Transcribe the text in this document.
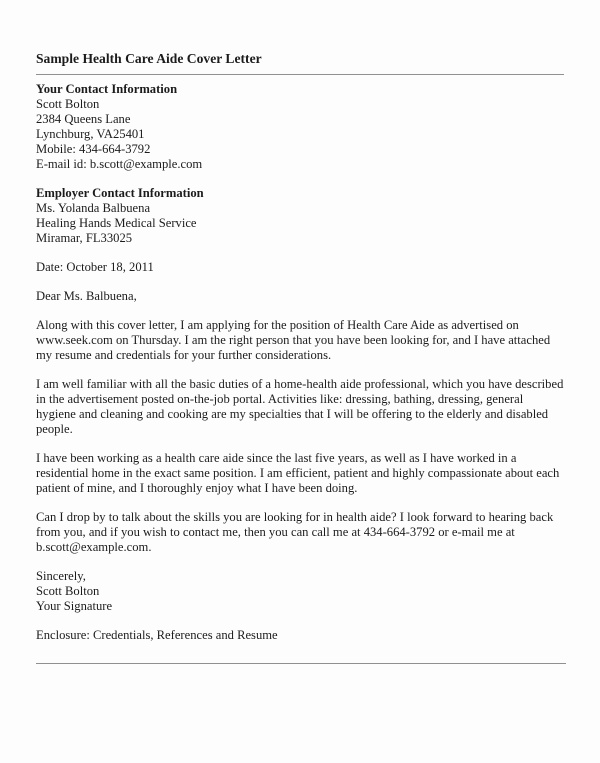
Sample Health Care Aide Cover Letter

Your Contact Information

Scott Bolton

2384 Queens Lane

Lynchburg, VA25401

Mobile: 434-664-3792

E-mail id: b.scott@example.com

Employer Contact Information

Ms. Yolanda Balbuena

Healing Hands Medical Service

Miramar, FL33025

Date: October 18, 2011

Dear Ms. Balbuena,

Along with this cover letter, I am applying for the position of Health Care Aide as advertised on www.seek.com on Thursday. I am the right person that you have been looking for, and I have attached my resume and credentials for your further considerations.

I am well familiar with all the basic duties of a home-health aide professional, which you have described in the advertisement posted on-the-job portal. Activities like: dressing, bathing, dressing, general hygiene and cleaning and cooking are my specialties that I will be offering to the elderly and disabled people.

I have been working as a health care aide since the last five years, as well as I have worked in a residential home in the exact same position. I am efficient, patient and highly compassionate about each patient of mine, and I thoroughly enjoy what I have been doing.

Can I drop by to talk about the skills you are looking for in health aide? I look forward to hearing back from you, and if you wish to contact me, then you can call me at 434-664-3792 or e-mail me at b.scott@example.com.

Sincerely,

Scott Bolton

Your Signature

Enclosure: Credentials, References and Resume
